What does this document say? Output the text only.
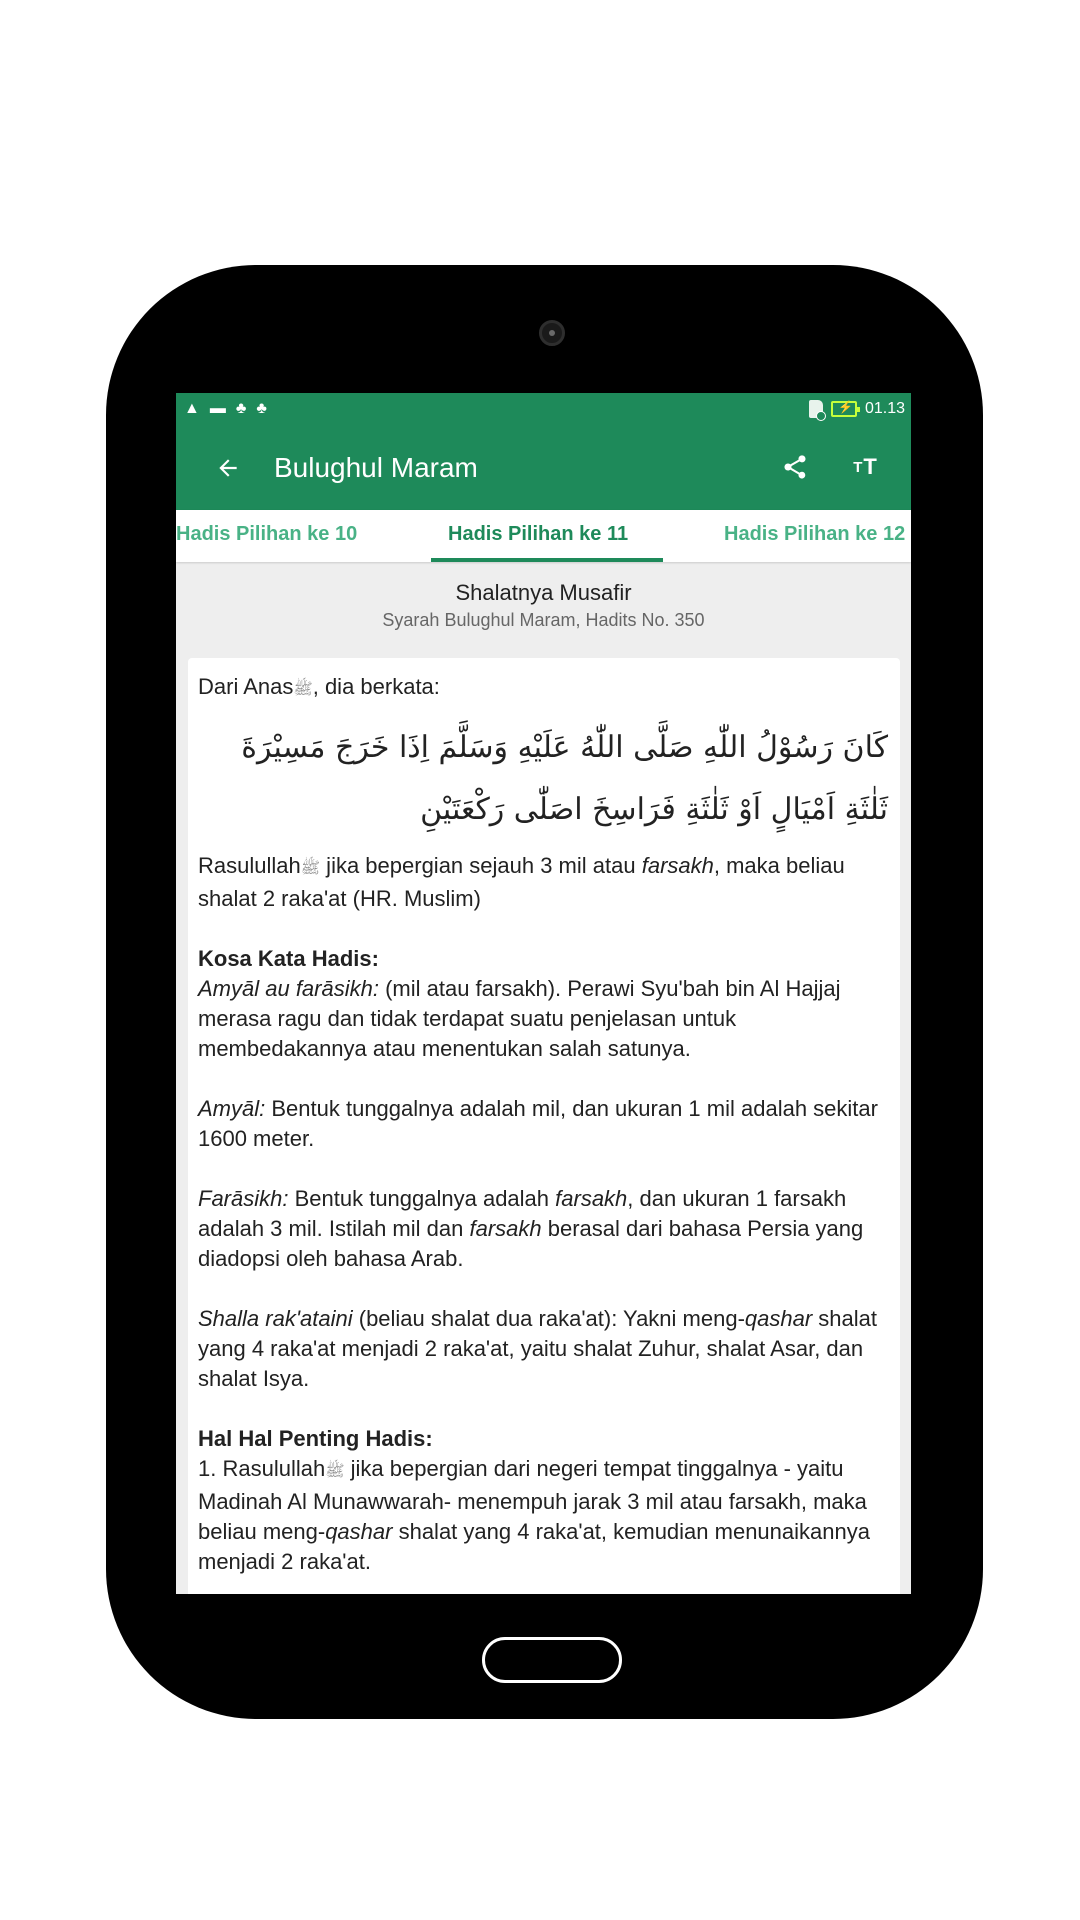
▲ ▬ ♣ ♣
⚡	01.13
Bulughul Maram	T T
Hadis Pilihan ke 10	Hadis Pilihan ke 11	Hadis Pilihan ke 12
Shalatnya Musafir
Syarah Bulughul Maram, Hadits No. 350

Dari Anasﷺ, dia berkata:

كَانَ رَسُوْلُ اللّٰهِ صَلَّى اللّٰهُ عَلَيْهِ وَسَلَّمَ اِذَا خَرَجَ مَسِيْرَةَ ثَلٰثَةِ اَمْيَالٍ اَوْ ثَلٰثَةِ فَرَاسِخَ اصَلّٰى رَكْعَتَيْنِ

Rasulullahﷺ jika bepergian sejauh 3 mil atau farsakh, maka beliau shalat 2 raka'at (HR. Muslim)

Kosa Kata Hadis:

Amyāl au farāsikh: (mil atau farsakh). Perawi Syu'bah bin Al Hajjaj merasa ragu dan tidak terdapat suatu penjelasan untuk membedakannya atau menentukan salah satunya.

Amyāl: Bentuk tunggalnya adalah mil, dan ukuran 1 mil adalah sekitar 1600 meter.

Farāsikh: Bentuk tunggalnya adalah farsakh, dan ukuran 1 farsakh adalah 3 mil. Istilah mil dan farsakh berasal dari bahasa Persia yang diadopsi oleh bahasa Arab.

Shalla rak'ataini (beliau shalat dua raka'at): Yakni meng-qashar shalat yang 4 raka'at menjadi 2 raka'at, yaitu shalat Zuhur, shalat Asar, dan shalat Isya.

Hal Hal Penting Hadis:

1. Rasulullahﷺ jika bepergian dari negeri tempat tinggalnya - yaitu Madinah Al Munawwarah- menempuh jarak 3 mil atau farsakh, maka beliau meng-qashar shalat yang 4 raka'at, kemudian menunaikannya menjadi 2 raka'at.
